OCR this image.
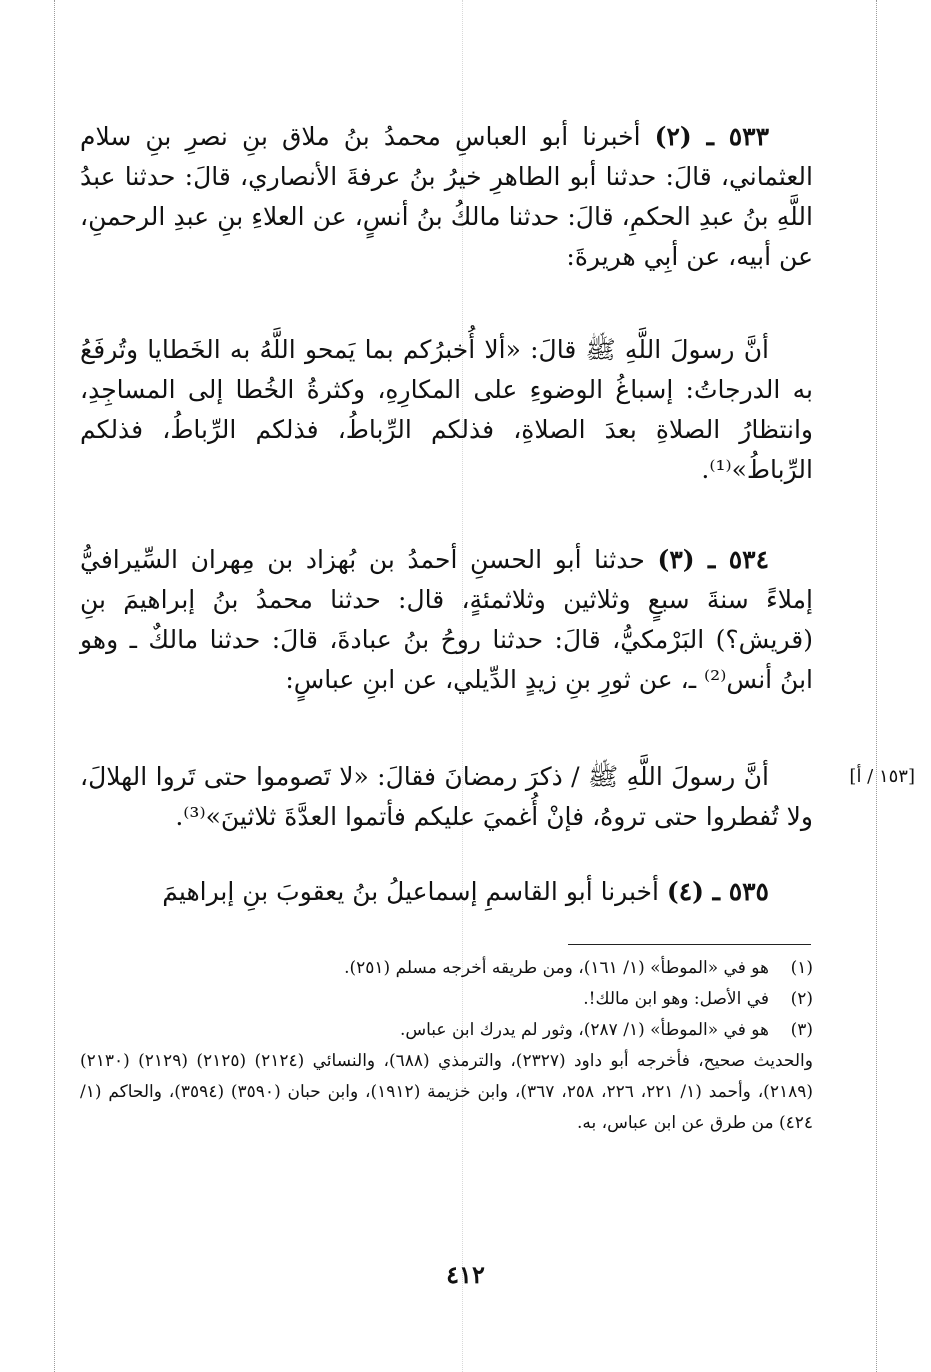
٥٣٣ ـ (٢) أخبرنا أبو العباسِ محمدُ بنُ ملاق بنِ نصرِ بنِ سلام العثماني، قالَ: حدثنا أبو الطاهرِ خيرُ بنُ عرفةَ الأنصاري، قالَ: حدثنا عبدُ اللَّهِ بنُ عبدِ الحكمِ، قالَ: حدثنا مالكُ بنُ أنسٍ، عن العلاءِ بنِ عبدِ الرحمنِ، عن أبيه، عن أبِي هريرةَ:

أنَّ رسولَ اللَّهِ ﷺ قالَ: «ألا أُخبرُكم بما يَمحو اللَّهُ به الخَطايا وتُرفَعُ به الدرجاتُ: إسباغُ الوضوءِ على المكارِهِ، وكثرةُ الخُطا إلى المساجِدِ، وانتظارُ الصلاةِ بعدَ الصلاةِ، فذلكم الرِّباطُ، فذلكم الرِّباطُ، فذلكم الرِّباطُ»⁽¹⁾.

٥٣٤ ـ (٣) حدثنا أبو الحسنِ أحمدُ بن بُهزاد بن مِهران السِّيرافيُّ إملاءً سنةَ سبعٍ وثلاثين وثلاثمئةٍ، قال: حدثنا محمدُ بنُ إبراهيمَ بنِ (قريش؟) البَرْمكيُّ، قالَ: حدثنا روحُ بنُ عبادةَ، قالَ: حدثنا مالكٌ ـ وهو ابنُ أنس⁽²⁾ ـ، عن ثورِ بنِ زيدٍ الدِّيلي، عن ابنِ عباسٍ:

أنَّ رسولَ اللَّهِ ﷺ / ذكرَ رمضانَ فقالَ: «لا تَصوموا حتى تَروا الهلالَ، ولا تُفطروا حتى تروهُ، فإنْ أُغميَ عليكم فأتموا العدَّةَ ثلاثينَ»⁽³⁾.

٥٣٥ ـ (٤) أخبرنا أبو القاسمِ إسماعيلُ بنُ يعقوبَ بنِ إبراهيمَ

[١٥٣ / أ]

(١)هو في «الموطأ» (١/ ١٦١)، ومن طريقه أخرجه مسلم (٢٥١).

(٢)في الأصل: وهو ابن مالك!.

(٣)هو في «الموطأ» (١/ ٢٨٧)، وثور لم يدرك ابن عباس.

والحديث صحيح، فأخرجه أبو داود (٢٣٢٧)، والترمذي (٦٨٨)، والنسائي (٢١٢٤) (٢١٢٥) (٢١٢٩) (٢١٣٠) (٢١٨٩)، وأحمد (١/ ٢٢١، ٢٢٦، ٢٥٨، ٣٦٧)، وابن خزيمة (١٩١٢)، وابن حبان (٣٥٩٠) (٣٥٩٤)، والحاكم (١/ ٤٢٤) من طرق عن ابن عباس، به.

٤١٢
